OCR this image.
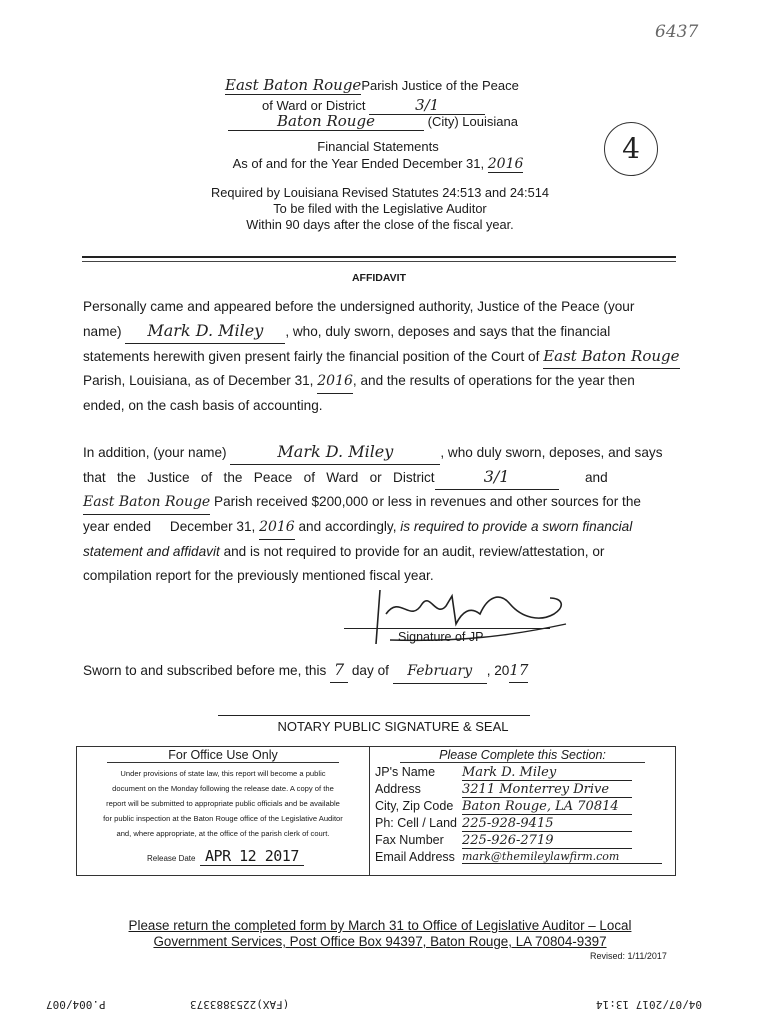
6437
East Baton RougeParish Justice of the Peace
of Ward or District	3/1
Baton Rouge	(City) Louisiana
Financial Statements
As of and for the Year Ended December 31, 2016	4
Required by Louisiana Revised Statutes 24:513 and 24:514
To be filed with the Legislative Auditor
Within 90 days after the close of the fiscal year.
AFFIDAVIT
Personally came and appeared before the undersigned authority, Justice of the Peace (your
name) Mark D. Miley , who, duly sworn, deposes and says that the financial
statements herewith given present fairly the financial position of the Court of East Baton Rouge
Parish, Louisiana, as of December 31, 2016, and the results of operations for the year then
ended, on the cash basis of accounting.
In addition, (your name)	Mark D. Miley	, who duly sworn, deposes, and says
that   the   Justice   of   the   Peace   of   Ward   or   District	3/1	and
East Baton Rouge Parish received $200,000 or less in revenues and other sources for the
year ended     December 31, 2016 and accordingly, is required to provide a sworn financial
statement and affidavit and is not required to provide for an audit, review/attestation, or
compilation report for the previously mentioned fiscal year.
Signature of JP
Sworn to and subscribed before me, this 7 day of February , 2017
NOTARY PUBLIC SIGNATURE & SEAL
For Office Use Only
Under provisions of state law, this report will become a public
document on the Monday following the release date. A copy of the
report will be submitted to appropriate public officials and be available
for public inspection at the Baton Rouge office of the Legislative Auditor
and, where appropriate, at the office of the parish clerk of court.
Release Date APR 12 2017

Please Complete this Section:
JP's Name Mark D. Miley
Address	3211 Monterrey Drive
City, Zip Code Baton Rouge, LA 70814
Ph: Cell / Land 225-928-9415
Fax Number 225-926-2719
Email Address mark@themileylawfirm.com
Please return the completed form by March 31 to Office of Legislative Auditor – Local
Government Services, Post Office Box 94397, Baton Rouge, LA 70804-9397
Revised: 1/11/2017
04/07/2017 13:14
(FAX)2253883373
P.004/007
